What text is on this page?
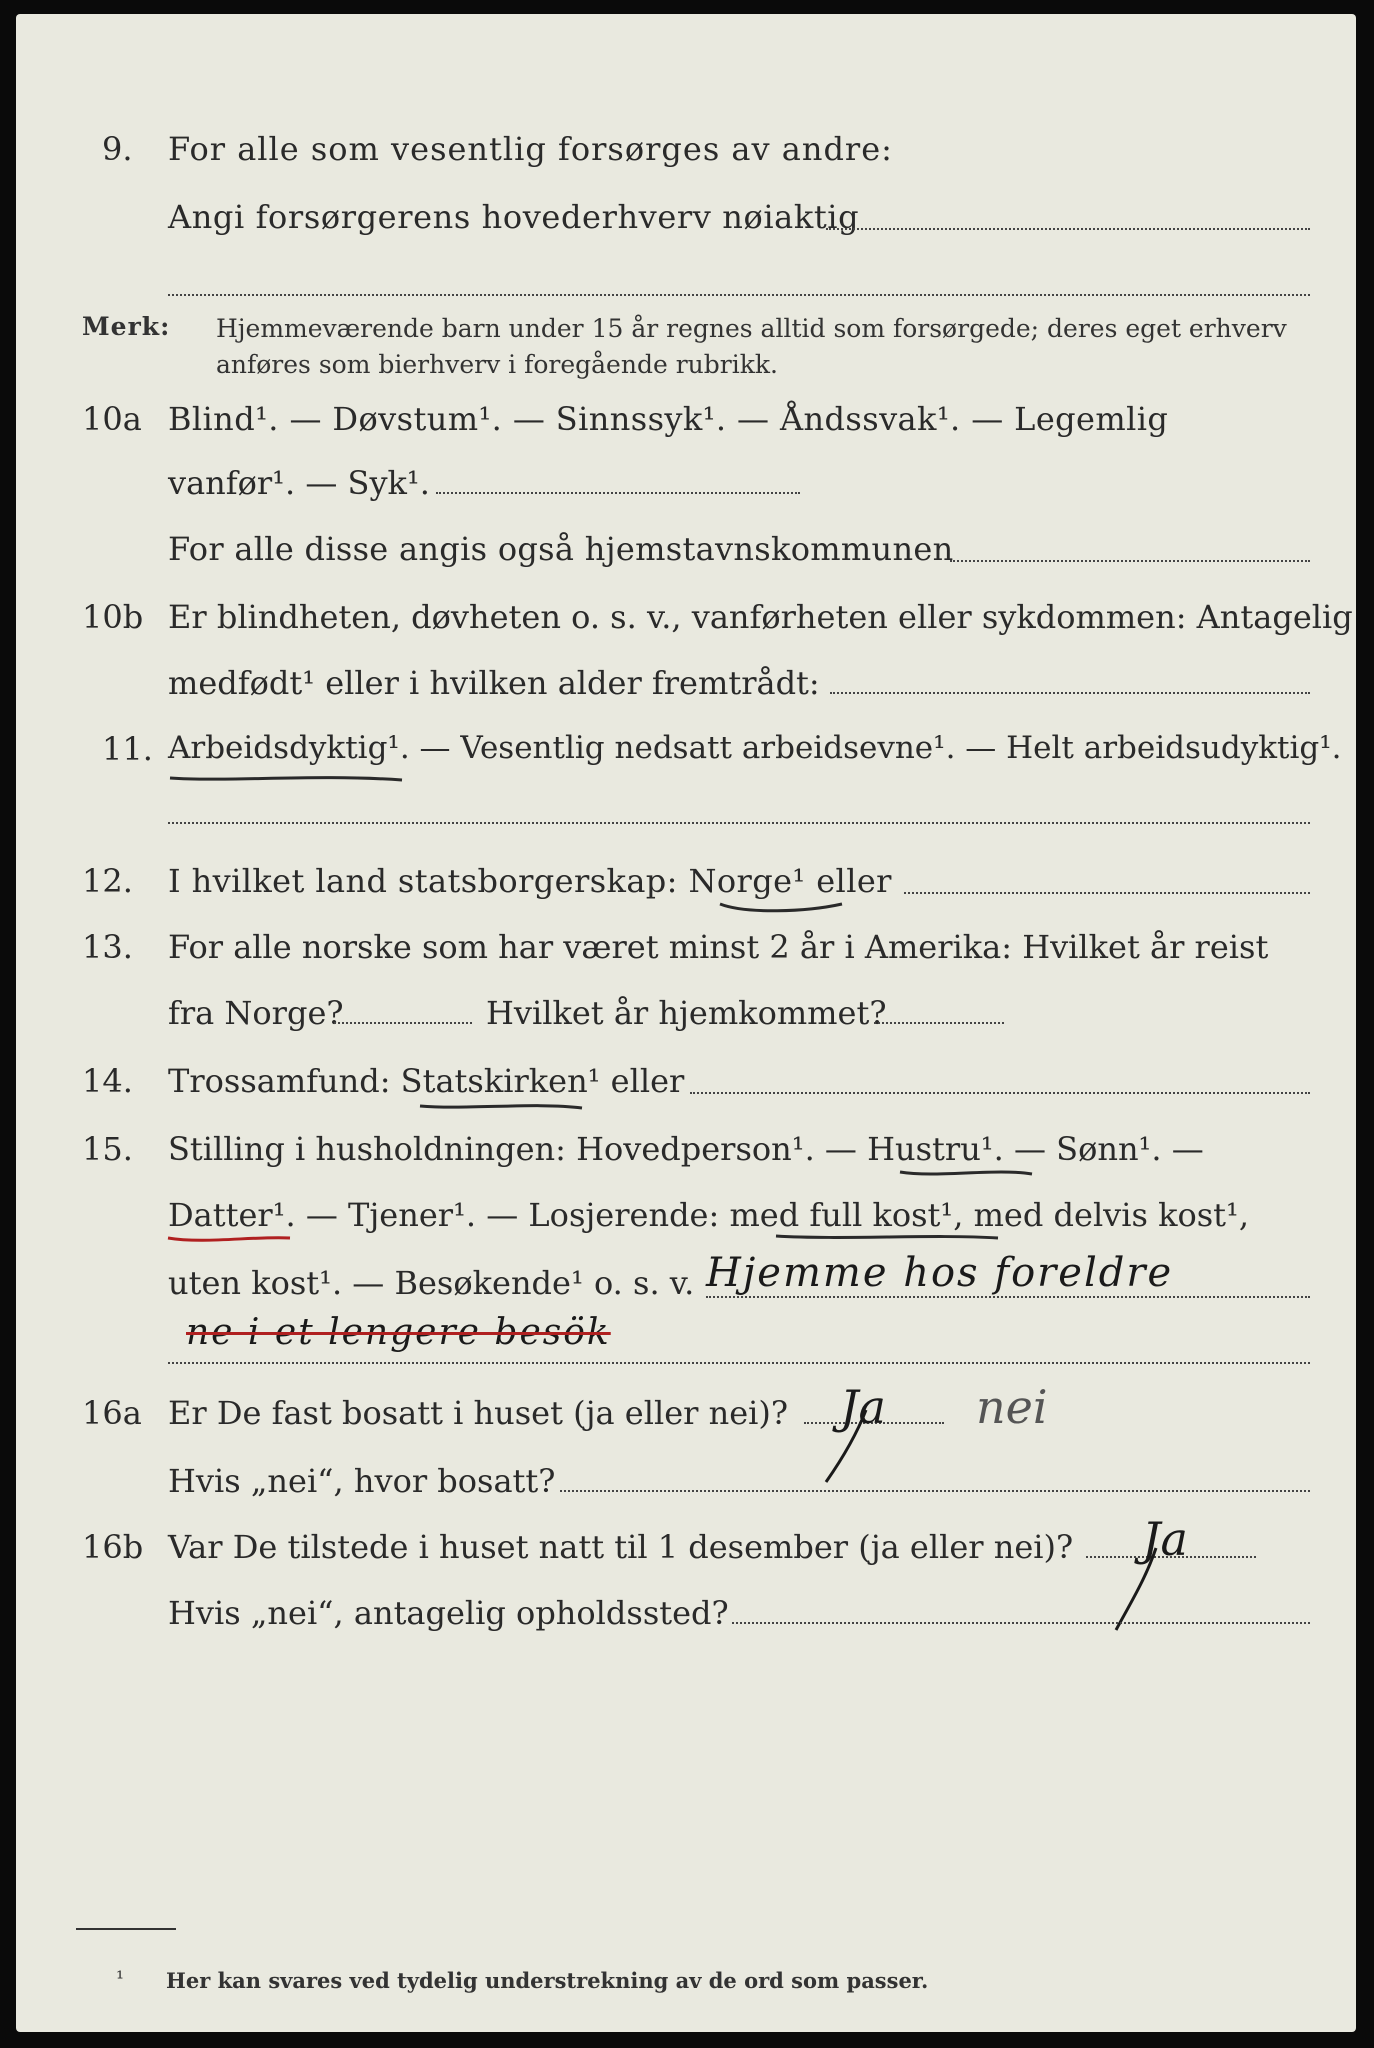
9. For alle som vesentlig forsørges av andre:
Angi forsørgerens hovederhverv nøiaktig
Merk: Hjemmeværende barn under 15 år regnes alltid som forsørgede; deres eget erhverv
anføres som bierhverv i foregående rubrikk.
10a Blind¹. — Døvstum¹. — Sinnssyk¹. — Åndssvak¹. — Legemlig
vanfør¹. — Syk¹.
For alle disse angis også hjemstavnskommunen
10b Er blindheten, døvheten o. s. v., vanførheten eller sykdommen: Antagelig
medfødt¹ eller i hvilken alder fremtrådt:
11. Arbeidsdyktig¹. — Vesentlig nedsatt arbeidsevne¹. — Helt arbeidsudyktig¹.
12. I hvilket land statsborgerskap: Norge¹ eller
13. For alle norske som har været minst 2 år i Amerika: Hvilket år reist
fra Norge?	Hvilket år hjemkommet?
14. Trossamfund: Statskirken¹ eller
15. Stilling i husholdningen: Hovedperson¹. — Hustru¹. — Sønn¹. —
Datter¹. — Tjener¹. — Losjerende: med full kost¹, med delvis kost¹,
uten kost¹. — Besøkende¹ o. s. v. Hjemme hos foreldre
ne i et lengere besök
16a Er De fast bosatt i huset (ja eller nei)? Ja nei
Hvis „nei“, hvor bosatt?
16b Var De tilstede i huset natt til 1 desember (ja eller nei)? Ja
Hvis „nei“, antagelig opholdssted?
¹ Her kan svares ved tydelig understrekning av de ord som passer.
